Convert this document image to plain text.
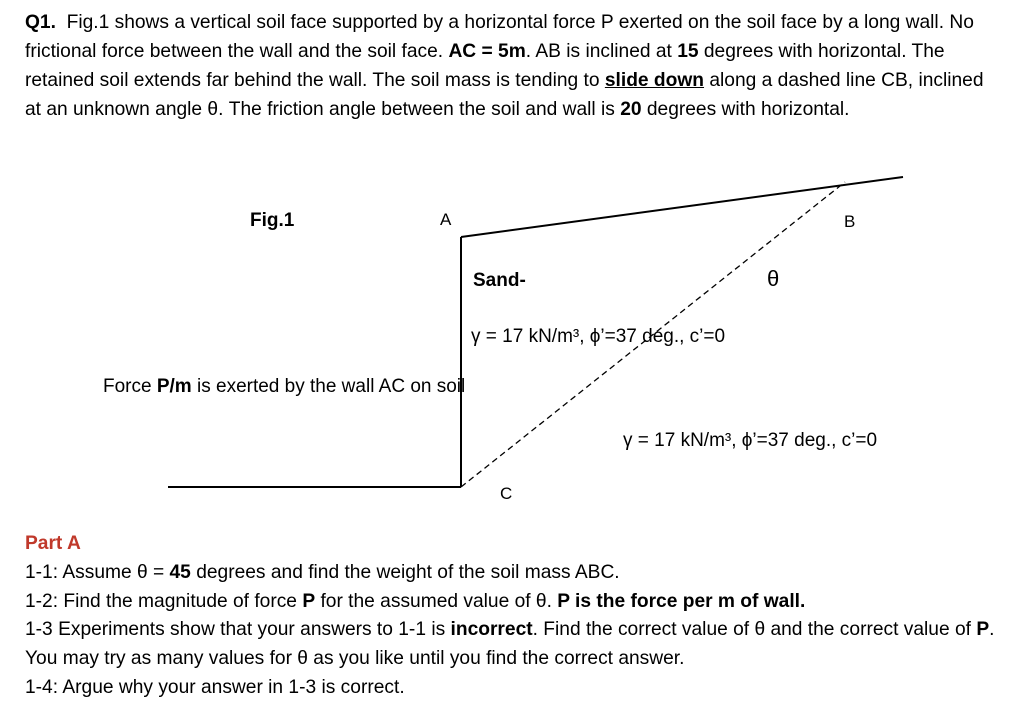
Q1. Fig.1 shows a vertical soil face supported by a horizontal force P exerted on the soil face by a long wall. No frictional force between the wall and the soil face. AC = 5m. AB is inclined at 15 degrees with horizontal. The retained soil extends far behind the wall. The soil mass is tending to slide down along a dashed line CB, inclined at an unknown angle θ. The friction angle between the soil and wall is 20 degrees with horizontal.

Fig.1	A	B
C
θ
Sand-
γ = 17 kN/m³, ϕ’=37 deg., c’=0
Force P/m is exerted by the wall AC on soil
γ = 17 kN/m³, ϕ’=37 deg., c’=0
Part A
1-1: Assume θ = 45 degrees and find the weight of the soil mass ABC.
1-2: Find the magnitude of force P for the assumed value of θ. P is the force per m of wall.
1-3 Experiments show that your answers to 1-1 is incorrect. Find the correct value of θ and the correct value of P. You may try as many values for θ as you like until you find the correct answer.
1-4: Argue why your answer in 1-3 is correct.
